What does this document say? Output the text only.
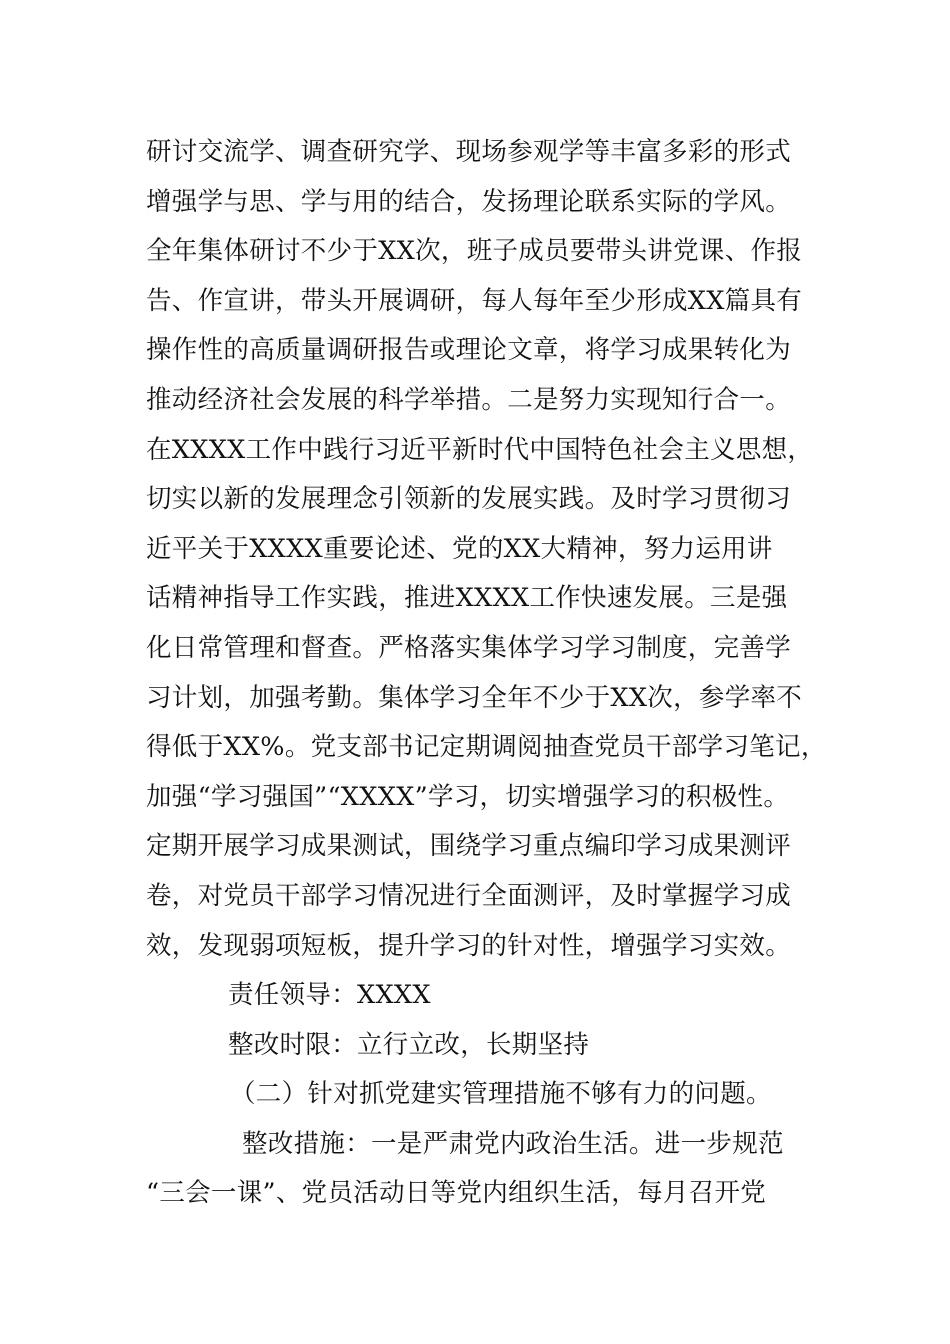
研讨交流学、调查研究学、现场参观学等丰富多彩的形式
增强学与思、学与用的结合，发扬理论联系实际的学风。
全年集体研讨不少于XX次，班子成员要带头讲党课、作报
告、作宣讲，带头开展调研，每人每年至少形成XX篇具有
操作性的高质量调研报告或理论文章，将学习成果转化为
推动经济社会发展的科学举措。二是努力实现知行合一。
在XXXX工作中践行习近平新时代中国特色社会主义思想，
切实以新的发展理念引领新的发展实践。及时学习贯彻习
近平关于XXXX重要论述、党的XX大精神，努力运用讲
话精神指导工作实践，推进XXXX工作快速发展。三是强
化日常管理和督查。严格落实集体学习学习制度，完善学
习计划，加强考勤。集体学习全年不少于XX次，参学率不
得低于XX%。党支部书记定期调阅抽查党员干部学习笔记，
加强“学习强国”“XXXX”学习，切实增强学习的积极性。
定期开展学习成果测试，围绕学习重点编印学习成果测评
卷，对党员干部学习情况进行全面测评，及时掌握学习成
效，发现弱项短板，提升学习的针对性，增强学习实效。
责任领导：XXXX
整改时限：立行立改，长期坚持
（二）针对抓党建实管理措施不够有力的问题。
整改措施：一是严肃党内政治生活。进一步规范
“三会一课”、党员活动日等党内组织生活，每月召开党
